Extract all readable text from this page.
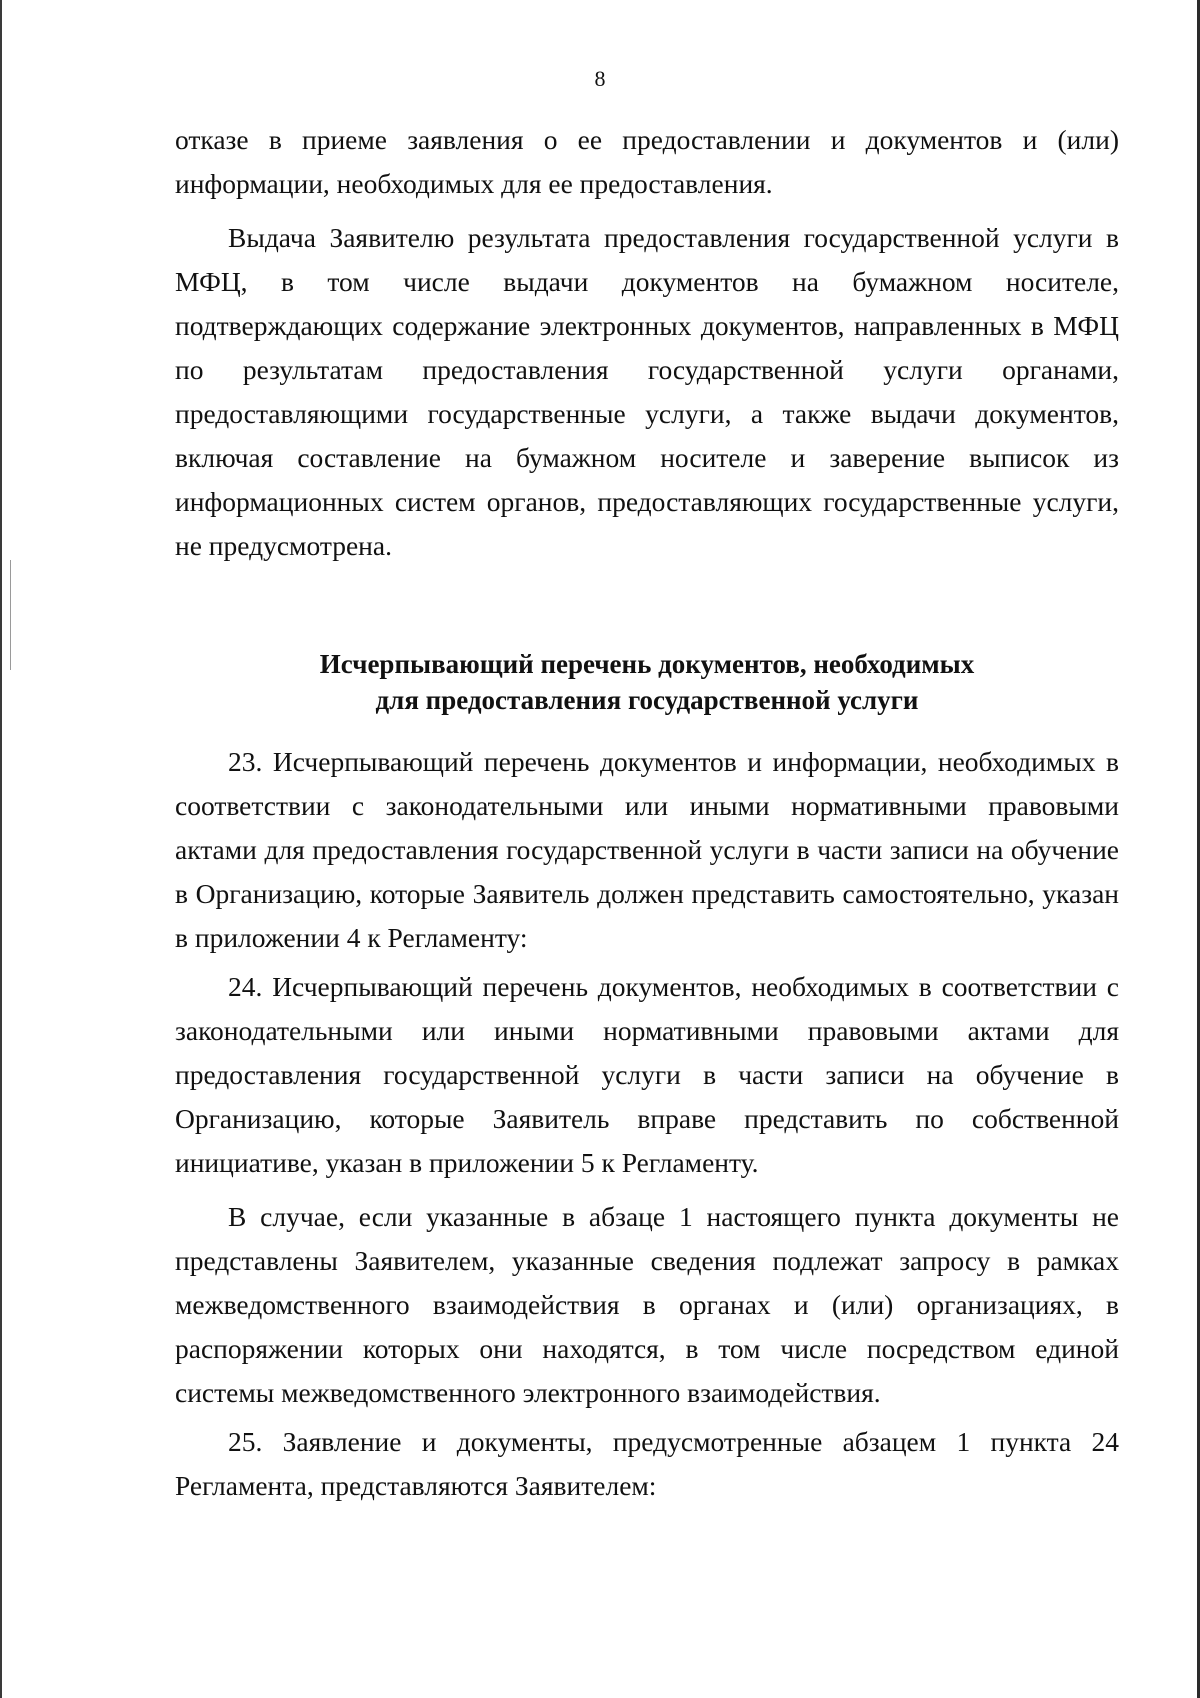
8

отказе в приеме заявления о ее предоставлении и документов и (или) информации, необходимых для ее предоставления.

Выдача Заявителю результата предоставления государственной услуги в МФЦ, в том числе выдачи документов на бумажном носителе, подтверждающих содержание электронных документов, направленных в МФЦ по результатам предоставления государственной услуги органами, предоставляющими государственные услуги, а также выдачи документов, включая составление на бумажном носителе и заверение выписок из информационных систем органов, предоставляющих государственные услуги, не предусмотрена.

Исчерпывающий перечень документов, необходимых
для предоставления государственной услуги

23. Исчерпывающий перечень документов и информации, необходимых в соответствии с законодательными или иными нормативными правовыми актами для предоставления государственной услуги в части записи на обучение в Организацию, которые Заявитель должен представить самостоятельно, указан в приложении 4 к Регламенту:

24. Исчерпывающий перечень документов, необходимых в соответствии с законодательными или иными нормативными правовыми актами для предоставления государственной услуги в части записи на обучение в Организацию, которые Заявитель вправе представить по собственной инициативе, указан в приложении 5 к Регламенту.

В случае, если указанные в абзаце 1 настоящего пункта документы не представлены Заявителем, указанные сведения подлежат запросу в рамках межведомственного взаимодействия в органах и (или) организациях, в распоряжении которых они находятся, в том числе посредством единой системы межведомственного электронного взаимодействия.

25. Заявление и документы, предусмотренные абзацем 1 пункта 24 Регламента, представляются Заявителем:
